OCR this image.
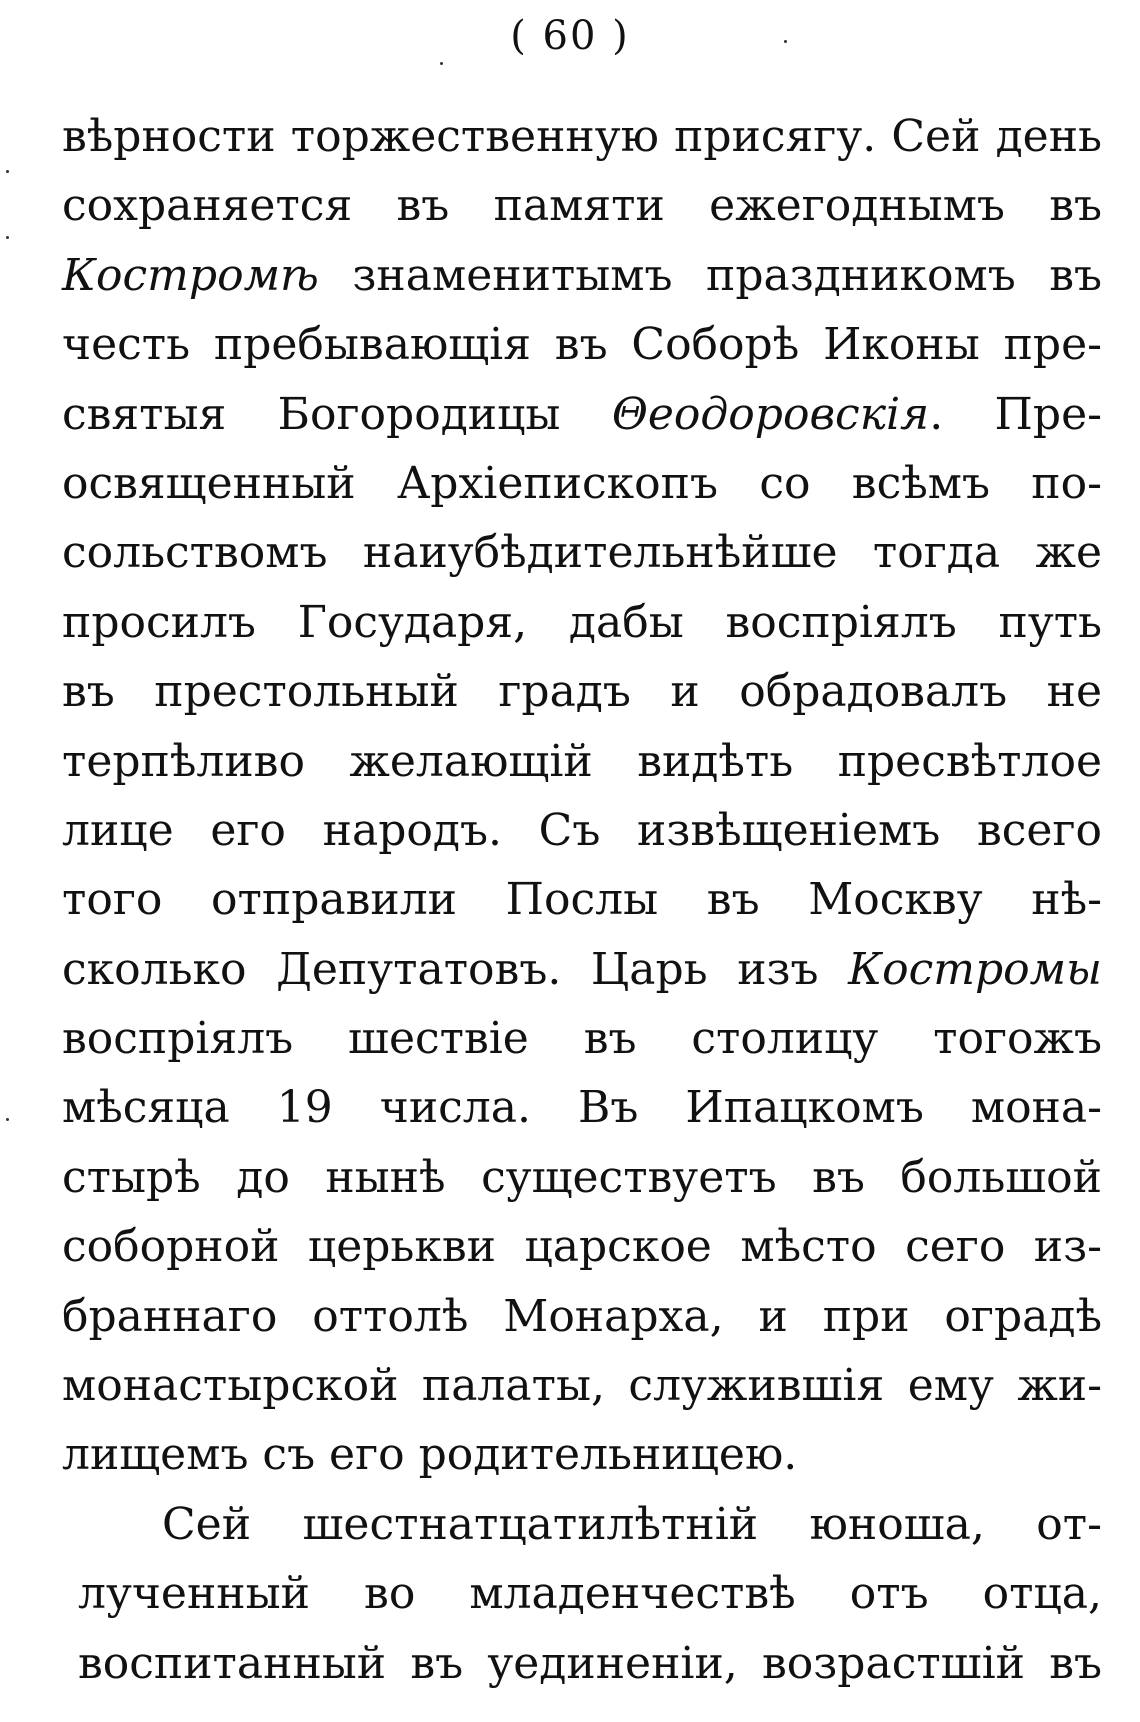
( 60 )
вѣрности торжественную присягу. Сей день
сохраняется въ памяти ежегоднымъ въ
Костромѣ знаменитымъ праздникомъ въ
честь пребывающія въ Соборѣ Иконы пре-
святыя Богородицы Θеодоровскія. Пре-
освященный Архіепископъ со всѣмъ по-
сольствомъ наиубѣдительнѣйше тогда же
просилъ Государя, дабы воспріялъ путь
въ престольный градъ и обрадовалъ не
терпѣливо желающій видѣть пресвѣтлое
лице его народъ. Съ извѣщеніемъ всего
того отправили Послы въ Москву нѣ-
сколько Депутатовъ. Царь изъ Костромы
воспріялъ шествіе въ столицу тогожъ
мѣсяца 19 числа. Въ Ипацкомъ мона-
стырѣ до нынѣ существуетъ въ большой
соборной церькви царское мѣсто сего из-
браннаго оттолѣ Монарха, и при оградѣ
монастырской палаты, служившія ему жи-
лищемъ съ его родительницею.
Сей шестнатцатилѣтній юноша, от-
лученный во младенчествѣ отъ отца,
воспитанный въ уединеніи, возрастшій въ
